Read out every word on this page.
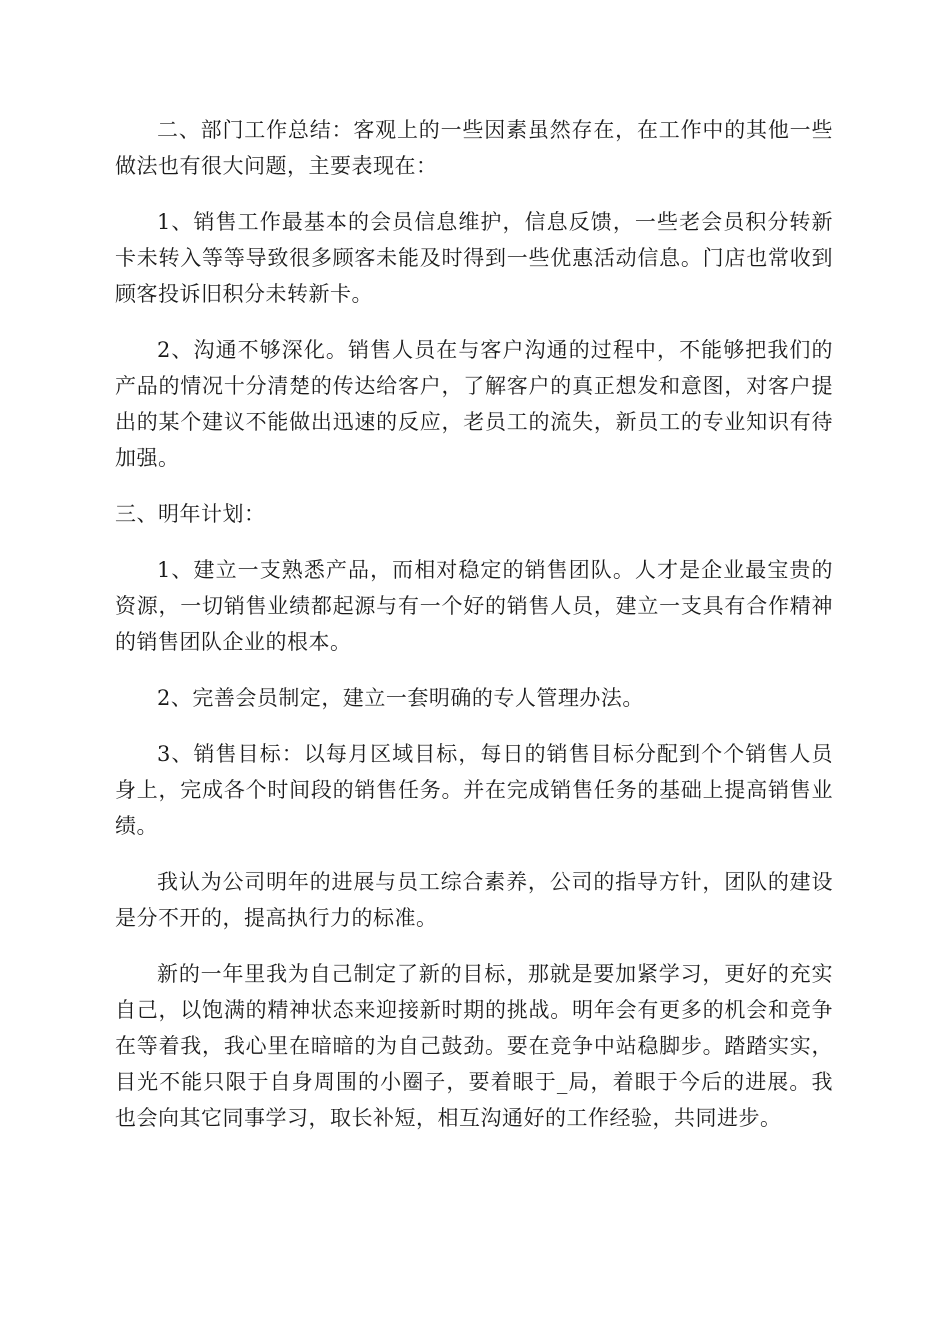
二、部门工作总结：客观上的一些因素虽然存在，在工作中的其他一些做法也有很大问题，主要表现在：

1、销售工作最基本的会员信息维护，信息反馈，一些老会员积分转新卡未转入等等导致很多顾客未能及时得到一些优惠活动信息。门店也常收到顾客投诉旧积分未转新卡。

2、沟通不够深化。销售人员在与客户沟通的过程中，不能够把我们的产品的情况十分清楚的传达给客户，了解客户的真正想发和意图，对客户提出的某个建议不能做出迅速的反应，老员工的流失，新员工的专业知识有待加强。

三、明年计划：

1、建立一支熟悉产品，而相对稳定的销售团队。人才是企业最宝贵的资源，一切销售业绩都起源与有一个好的销售人员，建立一支具有合作精神的销售团队企业的根本。

2、完善会员制定，建立一套明确的专人管理办法。

3、销售目标：以每月区域目标，每日的销售目标分配到个个销售人员身上，完成各个时间段的销售任务。并在完成销售任务的基础上提高销售业绩。

我认为公司明年的进展与员工综合素养，公司的指导方针，团队的建设是分不开的，提高执行力的标准。

新的一年里我为自己制定了新的目标，那就是要加紧学习，更好的充实自己，以饱满的精神状态来迎接新时期的挑战。明年会有更多的机会和竞争在等着我，我心里在暗暗的为自己鼓劲。要在竞争中站稳脚步。踏踏实实，目光不能只限于自身周围的小圈子，要着眼于_局，着眼于今后的进展。我也会向其它同事学习，取长补短，相互沟通好的工作经验，共同进步。
